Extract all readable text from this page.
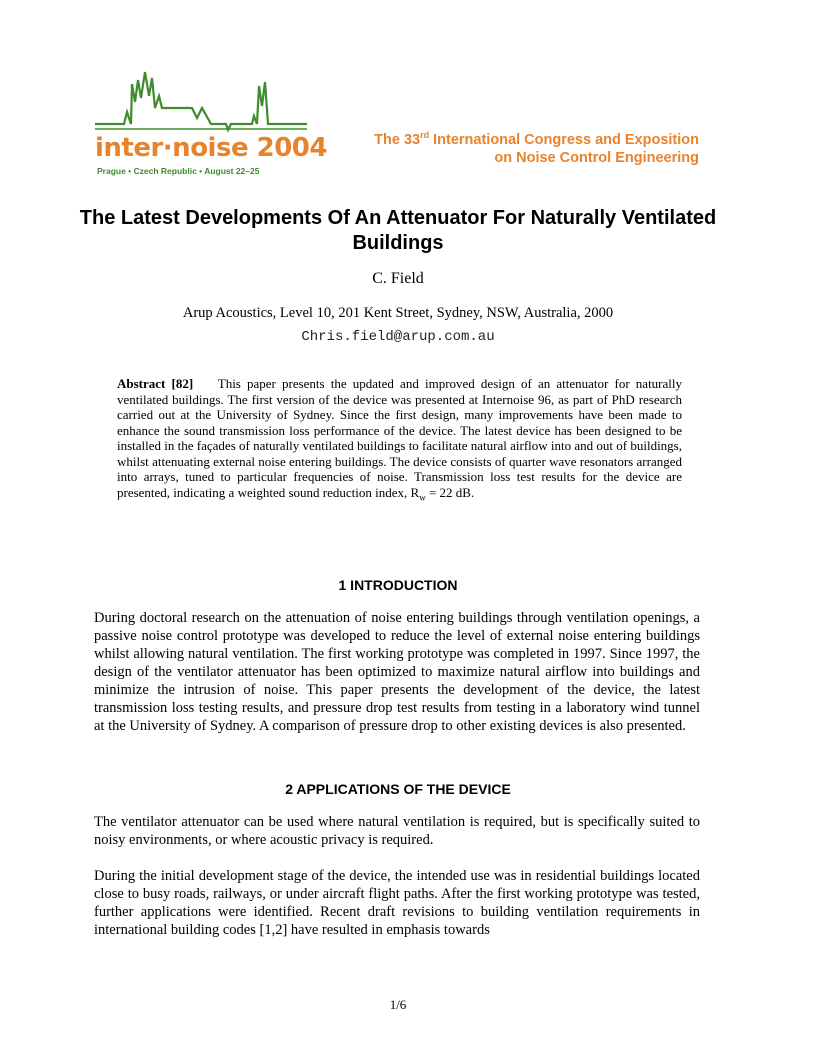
inter·noise 2004
Prague • Czech Republic • August 22–25
The 33rd International Congress and Exposition
on Noise Control Engineering
The Latest Developments Of An Attenuator For Naturally Ventilated Buildings
C. Field
Arup Acoustics, Level 10, 201 Kent Street, Sydney, NSW, Australia, 2000
Chris.field@arup.com.au
Abstract [82] This paper presents the updated and improved design of an attenuator for naturally ventilated buildings. The first version of the device was presented at Internoise 96, as part of PhD research carried out at the University of Sydney. Since the first design, many improvements have been made to enhance the sound transmission loss performance of the device. The latest device has been designed to be installed in the façades of naturally ventilated buildings to facilitate natural airflow into and out of buildings, whilst attenuating external noise entering buildings. The device consists of quarter wave resonators arranged into arrays, tuned to particular frequencies of noise. Transmission loss test results for the device are presented, indicating a weighted sound reduction index, $R_w = 22$ dB.
1 INTRODUCTION
During doctoral research on the attenuation of noise entering buildings through ventilation openings, a passive noise control prototype was developed to reduce the level of external noise entering buildings whilst allowing natural ventilation. The first working prototype was completed in 1997. Since 1997, the design of the ventilator attenuator has been optimized to maximize natural airflow into buildings and minimize the intrusion of noise. This paper presents the development of the device, the latest transmission loss testing results, and pressure drop test results from testing in a laboratory wind tunnel at the University of Sydney. A comparison of pressure drop to other existing devices is also presented.
2 APPLICATIONS OF THE DEVICE
The ventilator attenuator can be used where natural ventilation is required, but is specifically suited to noisy environments, or where acoustic privacy is required.
During the initial development stage of the device, the intended use was in residential buildings located close to busy roads, railways, or under aircraft flight paths. After the first working prototype was tested, further applications were identified. Recent draft revisions to building ventilation requirements in international building codes [1,2] have resulted in emphasis towards
1/6
